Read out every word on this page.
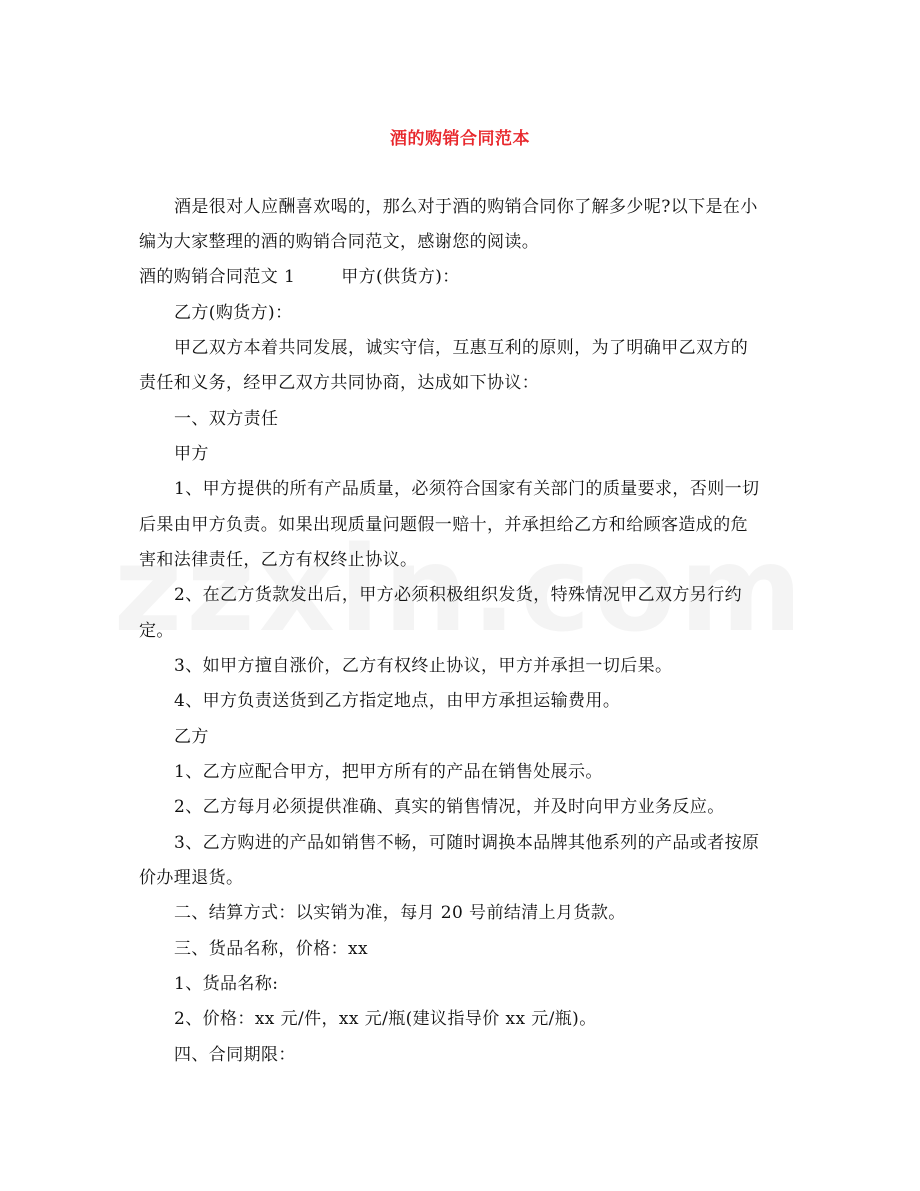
酒的购销合同范本
酒是很对人应酬喜欢喝的，那么对于酒的购销合同你了解多少呢?以下是在小
编为大家整理的酒的购销合同范文，感谢您的阅读。
酒的购销合同范文 1	甲方(供货方)：
乙方(购货方)：
甲乙双方本着共同发展，诚实守信，互惠互利的原则，为了明确甲乙双方的
责任和义务，经甲乙双方共同协商，达成如下协议：
一、双方责任
甲方
1、甲方提供的所有产品质量，必须符合国家有关部门的质量要求，否则一切
后果由甲方负责。如果出现质量问题假一赔十，并承担给乙方和给顾客造成的危
害和法律责任，乙方有权终止协议。
2、在乙方货款发出后，甲方必须积极组织发货，特殊情况甲乙双方另行约
定。
3、如甲方擅自涨价，乙方有权终止协议，甲方并承担一切后果。
4、甲方负责送货到乙方指定地点，由甲方承担运输费用。
乙方
1、乙方应配合甲方，把甲方所有的产品在销售处展示。
2、乙方每月必须提供准确、真实的销售情况，并及时向甲方业务反应。
3、乙方购进的产品如销售不畅，可随时调换本品牌其他系列的产品或者按原
价办理退货。
二、结算方式：以实销为准，每月 20 号前结清上月货款。
三、货品名称，价格：xx
1、货品名称:
2、价格：xx 元/件，xx 元/瓶(建议指导价 xx 元/瓶)。
四、合同期限：
